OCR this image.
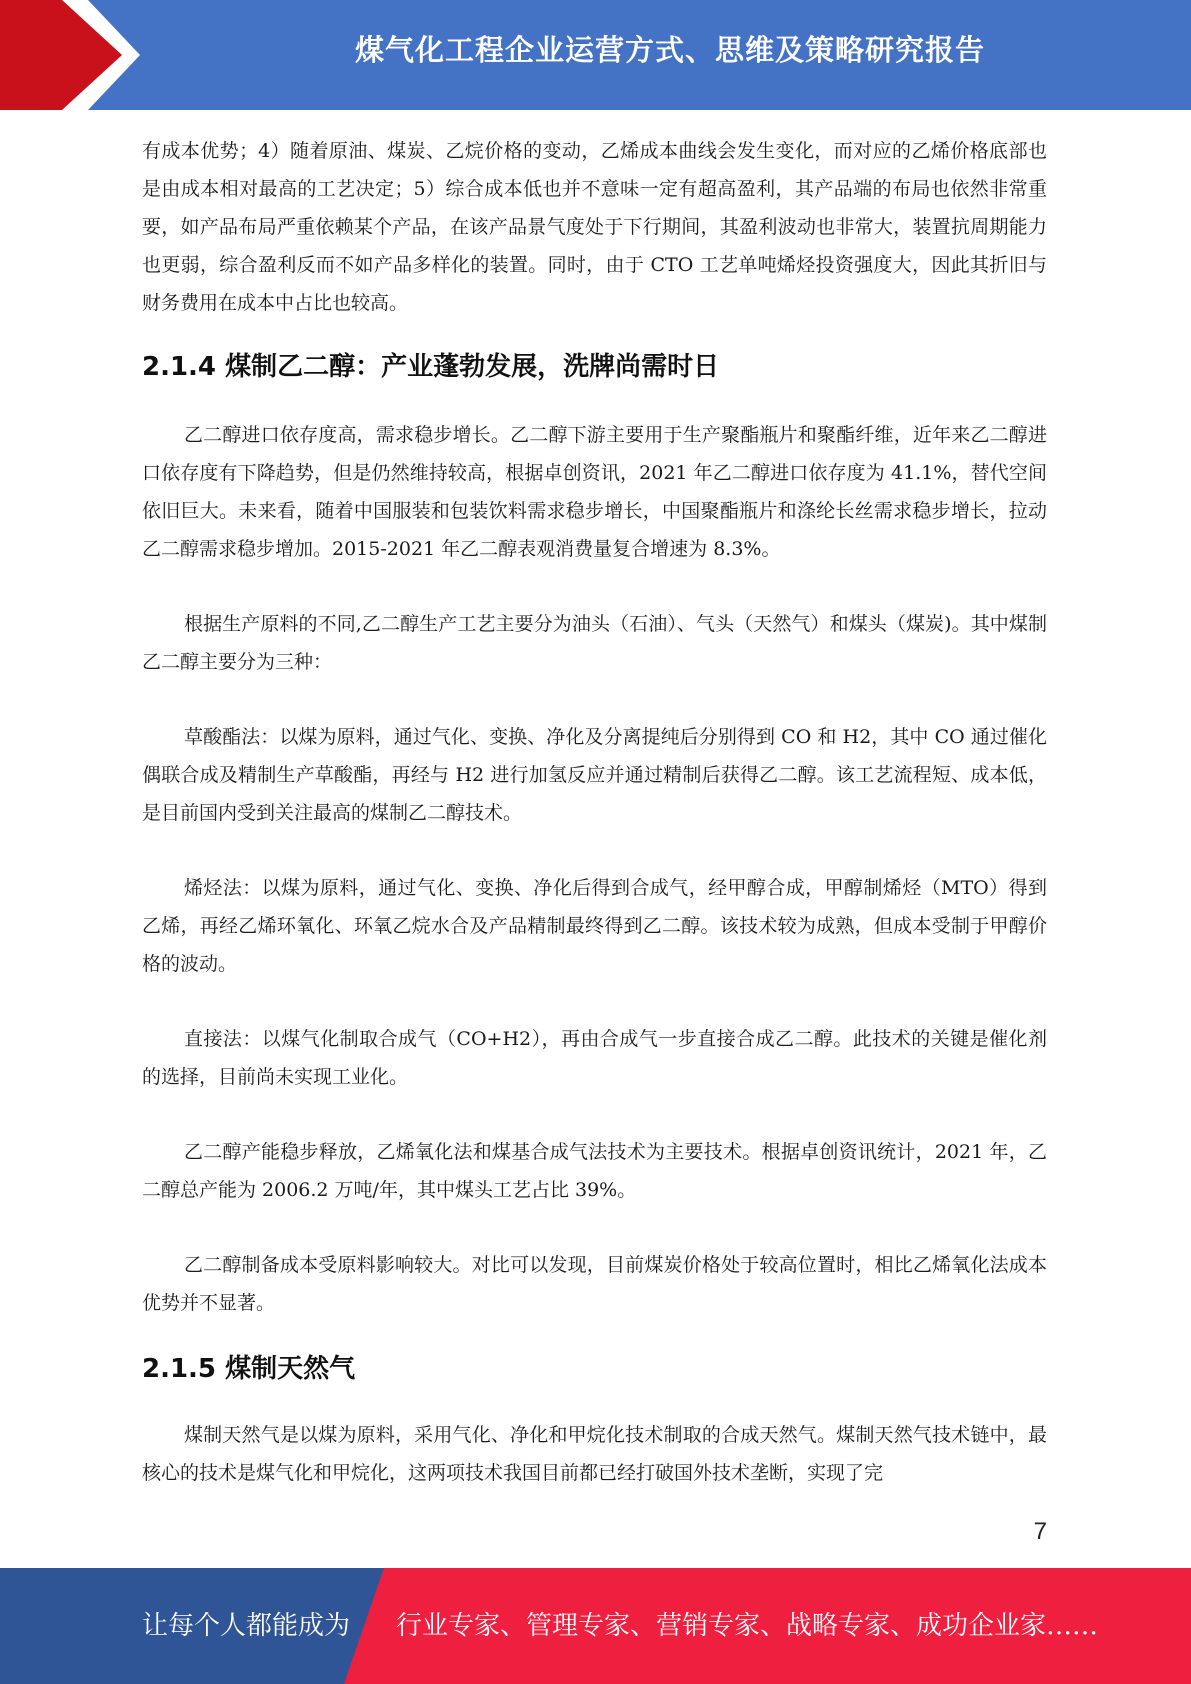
煤气化工程企业运营方式、思维及策略研究报告

有成本优势；4）随着原油、煤炭、乙烷价格的变动，乙烯成本曲线会发生变化，而对应的乙烯价格底部也是由成本相对最高的工艺决定；5）综合成本低也并不意味一定有超高盈利，其产品端的布局也依然非常重要，如产品布局严重依赖某个产品，在该产品景气度处于下行期间，其盈利波动也非常大，装置抗周期能力也更弱，综合盈利反而不如产品多样化的装置。同时，由于 CTO 工艺单吨烯烃投资强度大，因此其折旧与财务费用在成本中占比也较高。

2.1.4 煤制乙二醇：产业蓬勃发展，洗牌尚需时日

乙二醇进口依存度高，需求稳步增长。乙二醇下游主要用于生产聚酯瓶片和聚酯纤维，近年来乙二醇进口依存度有下降趋势，但是仍然维持较高，根据卓创资讯，2021 年乙二醇进口依存度为 41.1%，替代空间依旧巨大。未来看，随着中国服装和包装饮料需求稳步增长，中国聚酯瓶片和涤纶长丝需求稳步增长，拉动乙二醇需求稳步增加。2015-2021 年乙二醇表观消费量复合增速为 8.3%。

根据生产原料的不同,乙二醇生产工艺主要分为油头（石油）、气头（天然气）和煤头（煤炭)。其中煤制乙二醇主要分为三种：

草酸酯法：以煤为原料，通过气化、变换、净化及分离提纯后分别得到 CO 和 H2，其中 CO 通过催化偶联合成及精制生产草酸酯，再经与 H2 进行加氢反应并通过精制后获得乙二醇。该工艺流程短、成本低，是目前国内受到关注最高的煤制乙二醇技术。

烯烃法：以煤为原料，通过气化、变换、净化后得到合成气，经甲醇合成，甲醇制烯烃（MTO）得到乙烯，再经乙烯环氧化、环氧乙烷水合及产品精制最终得到乙二醇。该技术较为成熟，但成本受制于甲醇价格的波动。

直接法：以煤气化制取合成气（CO+H2），再由合成气一步直接合成乙二醇。此技术的关键是催化剂的选择，目前尚未实现工业化。

乙二醇产能稳步释放，乙烯氧化法和煤基合成气法技术为主要技术。根据卓创资讯统计，2021 年，乙二醇总产能为 2006.2 万吨/年，其中煤头工艺占比 39%。

乙二醇制备成本受原料影响较大。对比可以发现，目前煤炭价格处于较高位置时，相比乙烯氧化法成本优势并不显著。

2.1.5 煤制天然气

煤制天然气是以煤为原料，采用气化、净化和甲烷化技术制取的合成天然气。煤制天然气技术链中，最核心的技术是煤气化和甲烷化，这两项技术我国目前都已经打破国外技术垄断，实现了完

7
让每个人都能成为 行业专家、管理专家、营销专家、战略专家、成功企业家……
